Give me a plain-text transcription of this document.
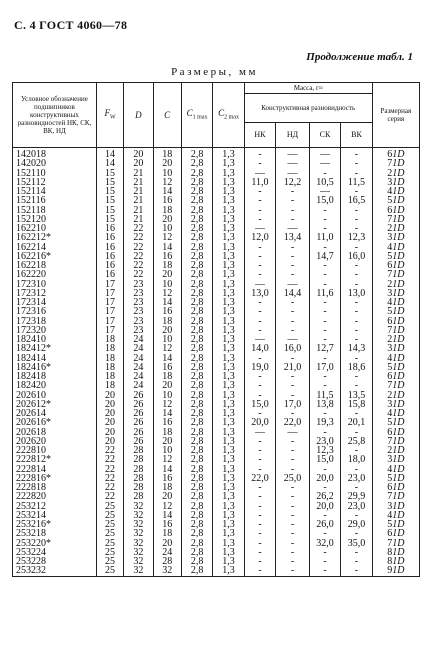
С. 4 ГОСТ 4060—78
Продолжение табл. 1
Размеры, мм
Условное обозначение подшипников конструктивных разновидностей НК, СК, ВК, НД	$F_W$	D	C	$C_{1 max}$	$C_{2 max}$	Масса, г≈				Размерная серия
						Конструктивная разновидность				
						НК	НД	СК	ВК	
142018	14	20	18	2,8	1,3	-	—	—	-	61D
142020	14	20	20	2,8	1,3	-	—	—	-	71D
152110	15	21	10	2,8	1,3	—	—	-	-	21D
152112	15	21	12	2,8	1,3	11,0	12,2	10,5	11,5	31D
152114	15	21	14	2,8	1,3	-	-	—	-	41D
152116	15	21	16	2,8	1,3	-	-	15,0	16,5	51D
152118	15	21	18	2,8	1,3	-	-	-	-	61D
152120	15	21	20	2,8	1,3	-	-	-	-	71D
162210	16	22	10	2,8	1,3	—	—	-	-	21D
162212*	16	22	12	2,8	1,3	12,0	13,4	11,0	12,3	31D
162214	16	22	14	2,8	1,3	-	-	-	-	41D
162216*	16	22	16	2,8	1,3	-	-	14,7	16,0	51D
162218	16	22	18	2,8	1,3	-	-	-	-	61D
162220	16	22	20	2,8	1,3	-	-	-	-	71D
172310	17	23	10	2,8	1,3	—	—	-	-	21D
172312	17	23	12	2,8	1,3	13,0	14,4	11,6	13,0	31D
172314	17	23	14	2,8	1,3	-	-	-	-	41D
172316	17	23	16	2,8	1,3	-	-	-	-	51D
172318	17	23	18	2,8	1,3	-	-	-	-	61D
172320	17	23	20	2,8	1,3	-	-	-	-	71D
182410	18	24	10	2,8	1,3	—	—	-	-	21D
182412*	18	24	12	2,8	1,3	14,0	16,0	12,7	14,3	31D
182414	18	24	14	2,8	1,3	-	-	-	-	41D
182416*	18	24	16	2,8	1,3	19,0	21,0	17,0	18,6	51D
182418	18	24	18	2,8	1,3	-	-	-	-	61D
182420	18	24	20	2,8	1,3	-	-	-	-	71D
202610	20	26	10	2,8	1,3	-	-	11,5	13,5	21D
202612*	20	26	12	2,8	1,3	15,0	17,0	13,8	15,8	31D
202614	20	26	14	2,8	1,3	-	-	-	-	41D
202616*	20	26	16	2,8	1,3	20,0	22,0	19,3	20,1	51D
202618	20	26	18	2,8	1,3	—	—	-	-	61D
202620	20	26	20	2,8	1,3	-	-	23,0	25,8	71D
222810	22	28	10	2,8	1,3	-	-	12,3	-	21D
222812*	22	28	12	2,8	1,3	-	-	15,0	18,0	31D
222814	22	28	14	2,8	1,3	-	-	-	-	41D
222816*	22	28	16	2,8	1,3	22,0	25,0	20,0	23,0	51D
222818	22	28	18	2,8	1,3	-	-	-	-	61D
222820	22	28	20	2,8	1,3	-	-	26,2	29,9	71D
253212	25	32	12	2,8	1,3	-	-	20,0	23,0	31D
253214	25	32	14	2,8	1,3	-	-	-	-	41D
253216*	25	32	16	2,8	1,3	-	-	26,0	29,0	51D
253218	25	32	18	2,8	1,3	-	-	-	-	61D
253220*	25	32	20	2,8	1,3	-	-	32,0	35,0	71D
253224	25	32	24	2,8	1,3	-	-	-	-	81D
253228	25	32	28	2,8	1,3	-	-	-	-	81D
253232	25	32	32	2,8	1,3	-	-	-	-	91D
